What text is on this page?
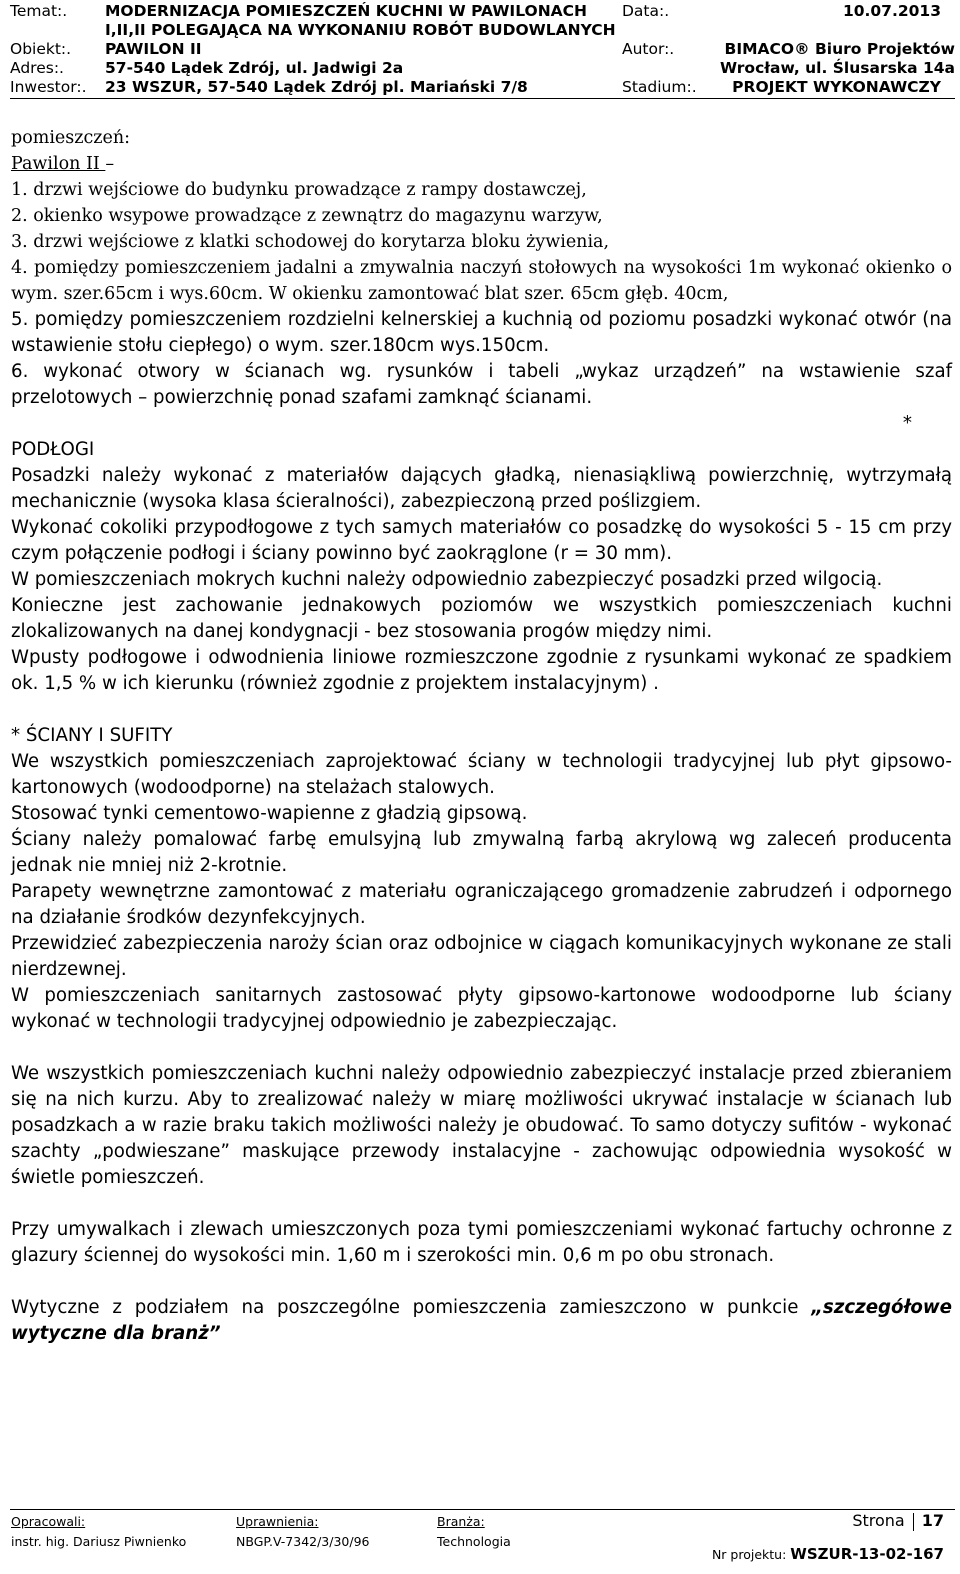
Temat:. MODERNIZACJA POMIESZCZEŃ KUCHNI W PAWILONACH Data:.	10.07.2013
I,II,II POLEGAJĄCA NA WYKONANIU ROBÓT BUDOWLANYCH
Obiekt:. PAWILON II	Autor:.	BIMACO® Biuro Projektów
Adres:.	57-540 Lądek Zdrój, ul. Jadwigi 2a	Wrocław, ul. Ślusarska 14a
Inwestor:. 23 WSZUR, 57-540 Lądek Zdrój pl. Mariański 7/8	Stadium:. PROJEKT WYKONAWCZY

pomieszczeń:

Pawilon II –

1. drzwi wejściowe do budynku prowadzące z rampy dostawczej,

2. okienko wsypowe prowadzące z zewnątrz do magazynu warzyw,

3. drzwi wejściowe z klatki schodowej do korytarza bloku żywienia,

4. pomiędzy pomieszczeniem jadalni a zmywalnia naczyń stołowych na wysokości 1m wykonać okienko o wym. szer.65cm i wys.60cm. W okienku zamontować blat szer. 65cm głęb. 40cm,

5. pomiędzy pomieszczeniem rozdzielni kelnerskiej a kuchnią od poziomu posadzki wykonać otwór (na wstawienie stołu ciepłego) o wym. szer.180cm wys.150cm.

6. wykonać otwory w ścianach wg. rysunków i tabeli „wykaz urządzeń” na wstawienie szaf przelotowych – powierzchnię ponad szafami zamknąć ścianami.

*

PODŁOGI

Posadzki należy wykonać z materiałów dających gładką, nienasiąkliwą powierzchnię, wytrzymałą mechanicznie (wysoka klasa ścieralności), zabezpieczoną przed poślizgiem.

Wykonać cokoliki przypodłogowe z tych samych materiałów co posadzkę do wysokości 5 - 15 cm przy czym połączenie podłogi i ściany powinno być zaokrąglone (r = 30 mm).

W pomieszczeniach mokrych kuchni należy odpowiednio zabezpieczyć posadzki przed wilgocią.

Konieczne jest zachowanie jednakowych poziomów we wszystkich pomieszczeniach kuchni zlokalizowanych na danej kondygnacji - bez stosowania progów między nimi.

Wpusty podłogowe i odwodnienia liniowe rozmieszczone zgodnie z rysunkami wykonać ze spadkiem ok. 1,5 % w ich kierunku (również zgodnie z projektem instalacyjnym) .

* ŚCIANY I SUFITY

We wszystkich pomieszczeniach zaprojektować ściany w technologii tradycyjnej lub płyt gipsowo-kartonowych (wodoodporne) na stelażach stalowych.

Stosować tynki cementowo-wapienne z gładzią gipsową.

Ściany należy pomalować farbę emulsyjną lub zmywalną farbą akrylową wg zaleceń producenta jednak nie mniej niż 2-krotnie.

Parapety wewnętrzne zamontować z materiału ograniczającego gromadzenie zabrudzeń i odpornego na działanie środków dezynfekcyjnych.

Przewidzieć zabezpieczenia naroży ścian oraz odbojnice w ciągach komunikacyjnych wykonane ze stali nierdzewnej.

W pomieszczeniach sanitarnych zastosować płyty gipsowo-kartonowe wodoodporne lub ściany wykonać w technologii tradycyjnej odpowiednio je zabezpieczając.

We wszystkich pomieszczeniach kuchni należy odpowiednio zabezpieczyć instalacje przed zbieraniem się na nich kurzu. Aby to zrealizować należy w miarę możliwości ukrywać instalacje w ścianach lub posadzkach a w razie braku takich możliwości należy je obudować. To samo dotyczy sufitów - wykonać szachty „podwieszane” maskujące przewody instalacyjne - zachowując odpowiednia wysokość w świetle pomieszczeń.

Przy umywalkach i zlewach umieszczonych poza tymi pomieszczeniami wykonać fartuchy ochronne z glazury ściennej do wysokości min. 1,60 m i szerokości min. 0,6 m po obu stronach.

Wytyczne z podziałem na poszczególne pomieszczenia zamieszczono w punkcie „szczegółowe wytyczne dla branż”

Opracowali:
instr. hig. Dariusz Piwnienko
Uprawnienia:
NBGP.V-7342/3/30/96
Branża:
Technologia
Strona 17
Nr projektu: WSZUR-13-02-167
